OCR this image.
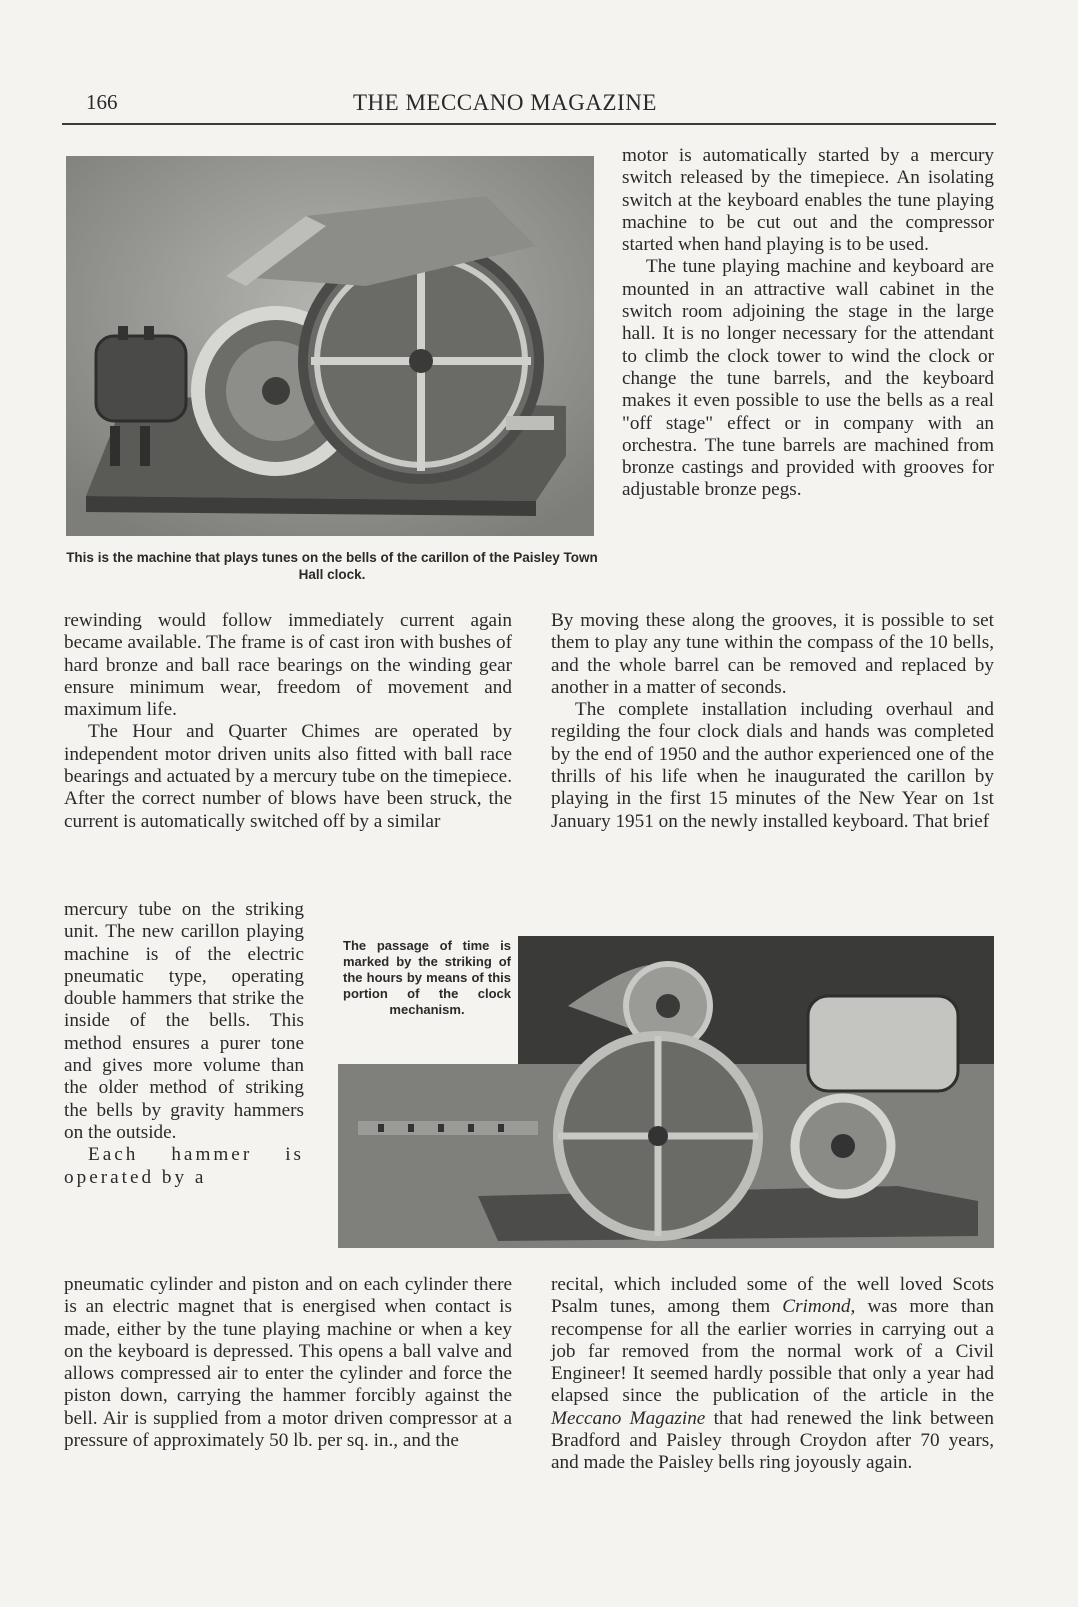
166	THE MECCANO MAGAZINE
This is the machine that plays tunes on the bells of the carillon of the Paisley Town Hall clock.

motor is automatically started by a mercury switch released by the timepiece. An isolating switch at the keyboard enables the tune playing machine to be cut out and the compressor started when hand playing is to be used.

The tune playing machine and keyboard are mounted in an attractive wall cabinet in the switch room adjoining the stage in the large hall. It is no longer necessary for the attendant to climb the clock tower to wind the clock or change the tune barrels, and the keyboard makes it even possible to use the bells as a real "off stage" effect or in company with an orchestra. The tune barrels are machined from bronze castings and provided with grooves for adjustable bronze pegs.

rewinding would follow immediately current again became available. The frame is of cast iron with bushes of hard bronze and ball race bearings on the winding gear ensure minimum wear, freedom of movement and maximum life.

The Hour and Quarter Chimes are operated by independent motor driven units also fitted with ball race bearings and actuated by a mercury tube on the timepiece. After the correct number of blows have been struck, the current is automatically switched off by a similar

By moving these along the grooves, it is possible to set them to play any tune within the compass of the 10 bells, and the whole barrel can be removed and replaced by another in a matter of seconds.

The complete installation including overhaul and regilding the four clock dials and hands was completed by the end of 1950 and the author experienced one of the thrills of his life when he inaugurated the carillon by playing in the first 15 minutes of the New Year on 1st January 1951 on the newly installed keyboard. That brief

The passage of time is marked by the striking of the hours by means of this portion of the clock mechanism.

mercury tube on the striking unit. The new carillon playing machine is of the electric pneumatic type, operating double hammers that strike the inside of the bells. This method ensures a purer tone and gives more volume than the older method of striking the bells by gravity hammers on the outside.

Each hammer is operated by a

pneumatic cylinder and piston and on each cylinder there is an electric magnet that is energised when contact is made, either by the tune playing machine or when a key on the keyboard is depressed. This opens a ball valve and allows compressed air to enter the cylinder and force the piston down, carrying the hammer forcibly against the bell. Air is supplied from a motor driven compressor at a pressure of approximately 50 lb. per sq. in., and the

recital, which included some of the well loved Scots Psalm tunes, among them Crimond, was more than recompense for all the earlier worries in carrying out a job far removed from the normal work of a Civil Engineer! It seemed hardly possible that only a year had elapsed since the publication of the article in the Meccano Magazine that had renewed the link between Bradford and Paisley through Croydon after 70 years, and made the Paisley bells ring joyously again.
